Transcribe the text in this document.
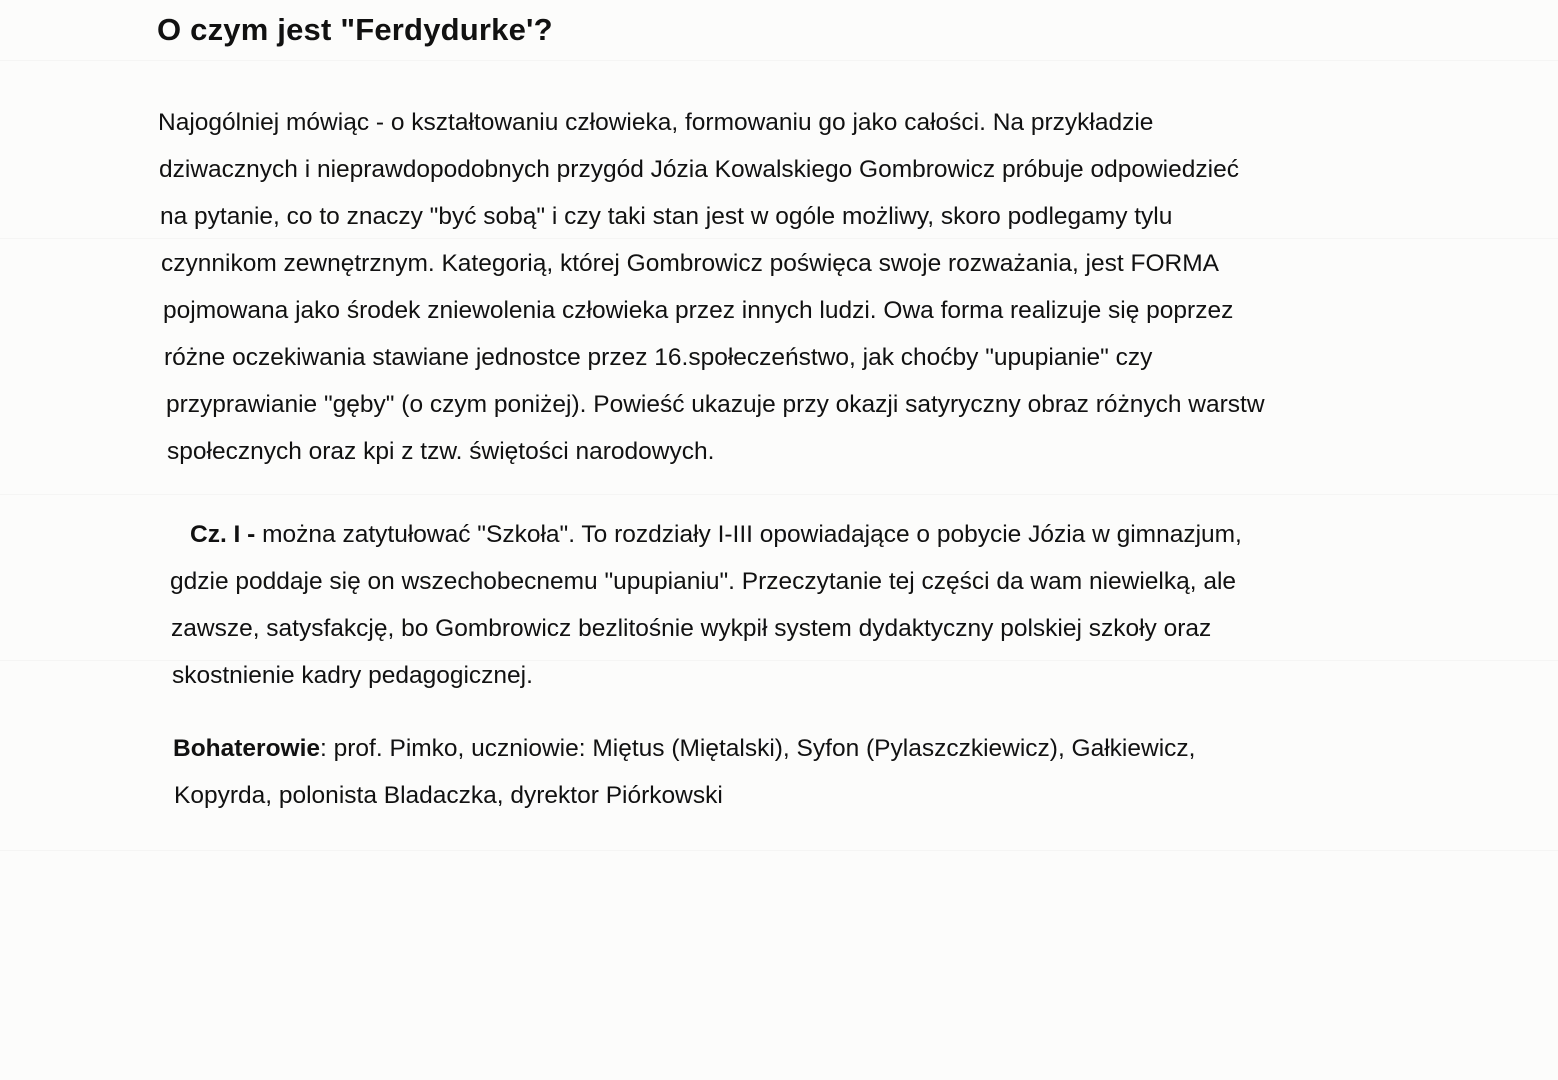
O czym jest "Ferdydurke'?
Najogólniej mówiąc - o kształtowaniu człowieka, formowaniu go jako całości. Na przykładzie
dziwacznych i nieprawdopodobnych przygód Józia Kowalskiego Gombrowicz próbuje odpowiedzieć
na pytanie, co to znaczy "być sobą" i czy taki stan jest w ogóle możliwy, skoro podlegamy tylu
czynnikom zewnętrznym. Kategorią, której Gombrowicz poświęca swoje rozważania, jest FORMA
pojmowana jako środek zniewolenia człowieka przez innych ludzi. Owa forma realizuje się poprzez
różne oczekiwania stawiane jednostce przez 16.społeczeństwo, jak choćby "upupianie" czy
przyprawianie "gęby" (o czym poniżej). Powieść ukazuje przy okazji satyryczny obraz różnych warstw
społecznych oraz kpi z tzw. świętości narodowych.
Cz. I - można zatytułować "Szkoła". To rozdziały I-III opowiadające o pobycie Józia w gimnazjum,
gdzie poddaje się on wszechobecnemu "upupianiu". Przeczytanie tej części da wam niewielką, ale
zawsze, satysfakcję, bo Gombrowicz bezlitośnie wykpił system dydaktyczny polskiej szkoły oraz
skostnienie kadry pedagogicznej.
Bohaterowie: prof. Pimko, uczniowie: Miętus (Miętalski), Syfon (Pylaszczkiewicz), Gałkiewicz,
Kopyrda, polonista Bladaczka, dyrektor Piórkowski
